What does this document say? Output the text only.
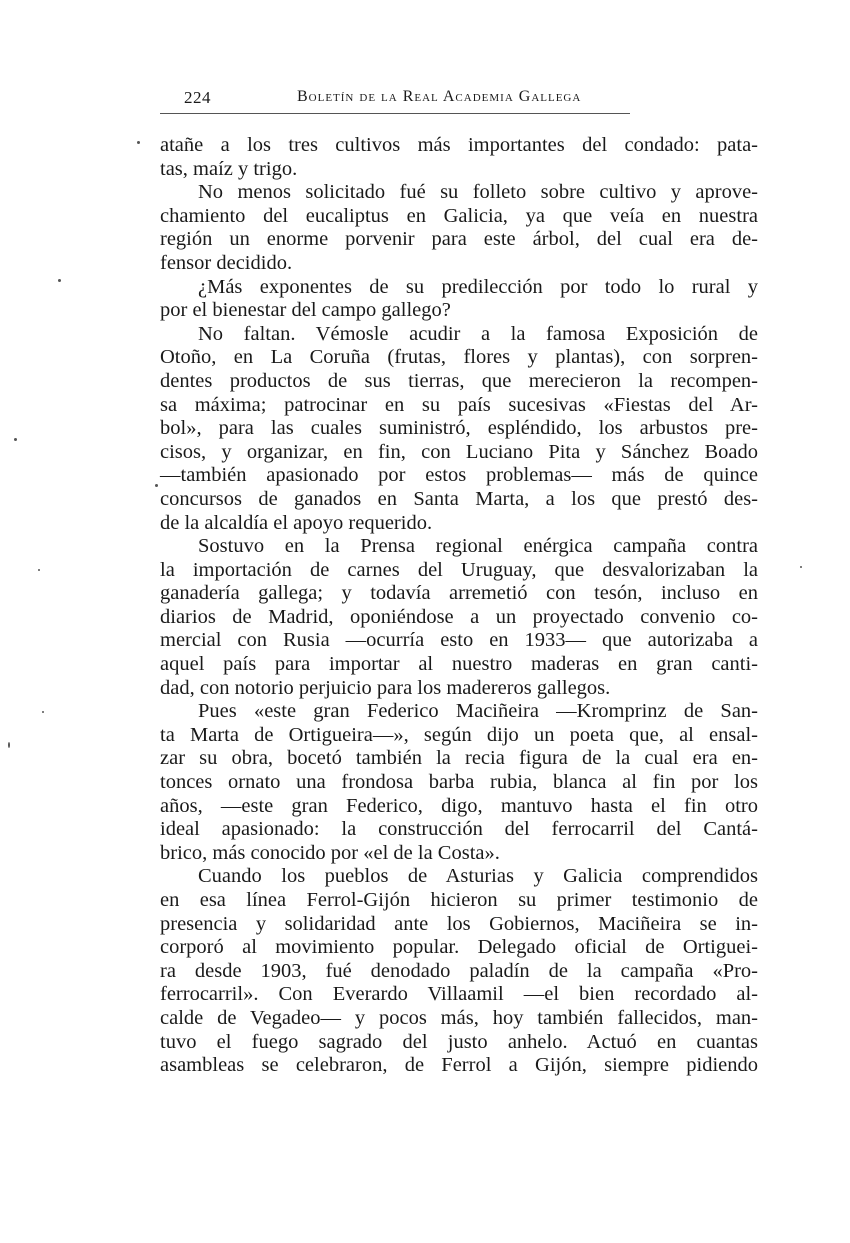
224	Boletín de la Real Academia Gallega
atañe a los tres cultivos más importantes del condado: pata-
tas, maíz y trigo.
No menos solicitado fué su folleto sobre cultivo y aprove-
chamiento del eucaliptus en Galicia, ya que veía en nuestra
región un enorme porvenir para este árbol, del cual era de-
fensor decidido.
¿Más exponentes de su predilección por todo lo rural y
por el bienestar del campo gallego?
No faltan. Vémosle acudir a la famosa Exposición de
Otoño, en La Coruña (frutas, flores y plantas), con sorpren-
dentes productos de sus tierras, que merecieron la recompen-
sa máxima; patrocinar en su país sucesivas «Fiestas del Ar-
bol», para las cuales suministró, espléndido, los arbustos pre-
cisos, y organizar, en fin, con Luciano Pita y Sánchez Boado
—también apasionado por estos problemas— más de quince
concursos de ganados en Santa Marta, a los que prestó des-
de la alcaldía el apoyo requerido.
Sostuvo en la Prensa regional enérgica campaña contra
la importación de carnes del Uruguay, que desvalorizaban la
ganadería gallega; y todavía arremetió con tesón, incluso en
diarios de Madrid, oponiéndose a un proyectado convenio co-
mercial con Rusia —ocurría esto en 1933— que autorizaba a
aquel país para importar al nuestro maderas en gran canti-
dad, con notorio perjuicio para los madereros gallegos.
Pues «este gran Federico Maciñeira —Kromprinz de San-
ta Marta de Ortigueira—», según dijo un poeta que, al ensal-
zar su obra, bocetó también la recia figura de la cual era en-
tonces ornato una frondosa barba rubia, blanca al fin por los
años, —este gran Federico, digo, mantuvo hasta el fin otro
ideal apasionado: la construcción del ferrocarril del Cantá-
brico, más conocido por «el de la Costa».
Cuando los pueblos de Asturias y Galicia comprendidos
en esa línea Ferrol-Gijón hicieron su primer testimonio de
presencia y solidaridad ante los Gobiernos, Maciñeira se in-
corporó al movimiento popular. Delegado oficial de Ortiguei-
ra desde 1903, fué denodado paladín de la campaña «Pro-
ferrocarril». Con Everardo Villaamil —el bien recordado al-
calde de Vegadeo— y pocos más, hoy también fallecidos, man-
tuvo el fuego sagrado del justo anhelo. Actuó en cuantas
asambleas se celebraron, de Ferrol a Gijón, siempre pidiendo
